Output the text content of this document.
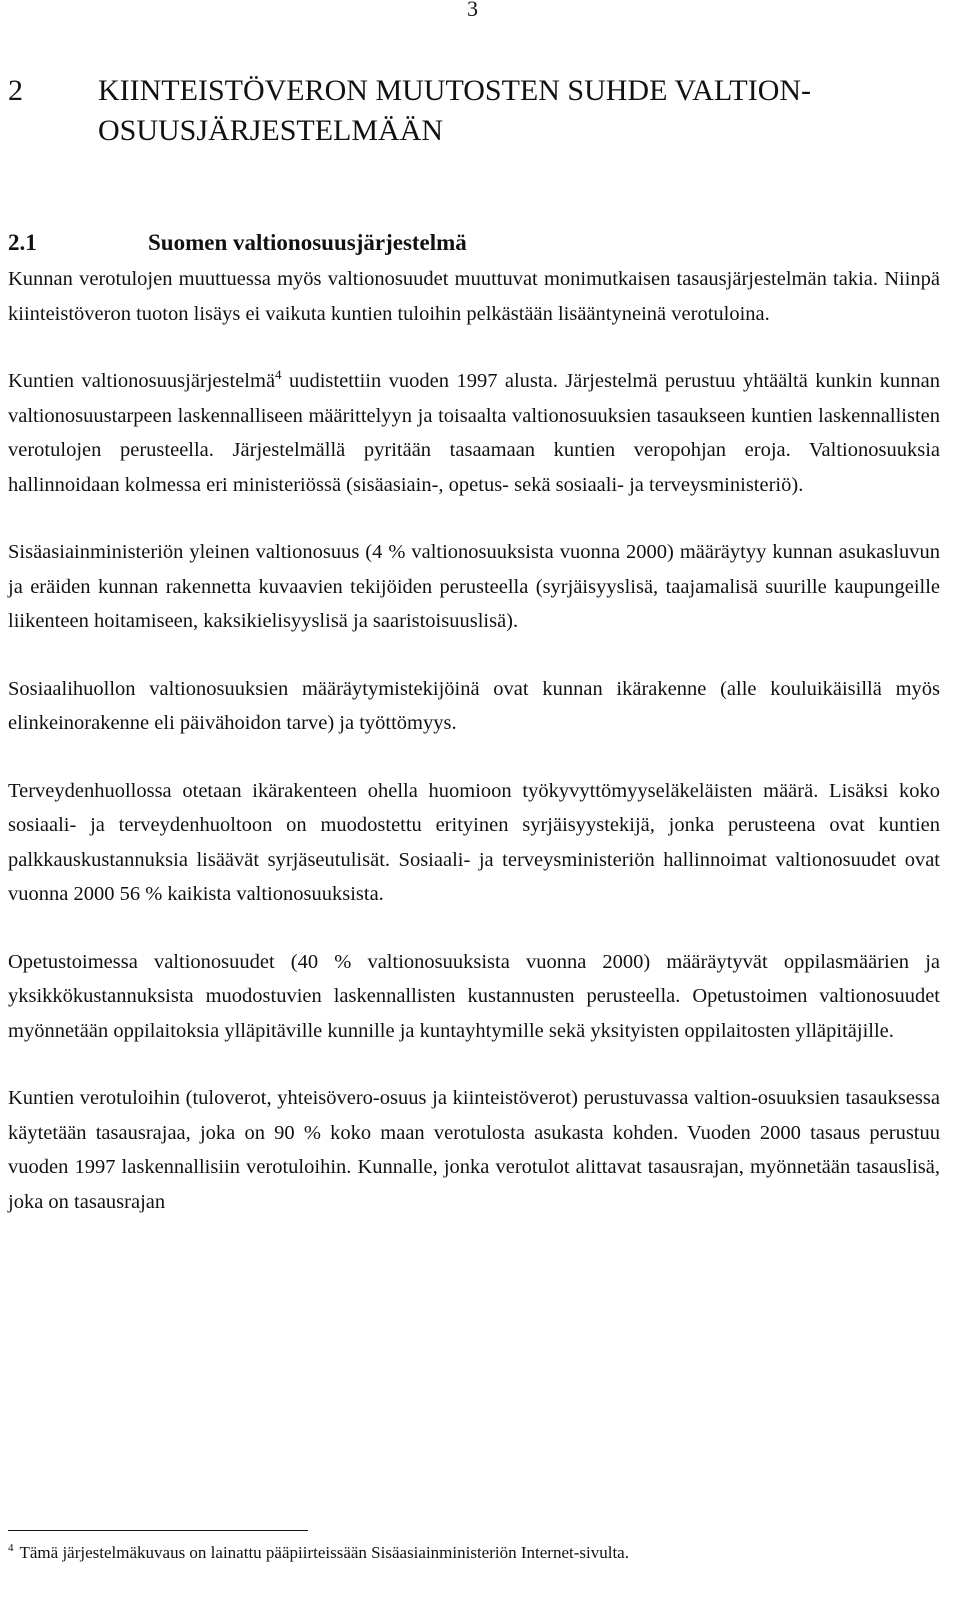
3
2	KIINTEISTÖVERON MUUTOSTEN SUHDE VALTION-OSUUSJÄRJESTELMÄÄN
2.1	Suomen valtionosuusjärjestelmä

Kunnan verotulojen muuttuessa myös valtionosuudet muuttuvat monimutkaisen tasausjärjestelmän takia. Niinpä kiinteistöveron tuoton lisäys ei vaikuta kuntien tuloihin pelkästään lisääntyneinä verotuloina.

Kuntien valtionosuusjärjestelmä$^4$ uudistettiin vuoden 1997 alusta. Järjestelmä perustuu yhtäältä kunkin kunnan valtionosuustarpeen laskennalliseen määrittelyyn ja toisaalta valtionosuuksien tasaukseen kuntien laskennallisten verotulojen perusteella. Järjestelmällä pyritään tasaamaan kuntien veropohjan eroja. Valtionosuuksia hallinnoidaan kolmessa eri ministeriössä (sisäasiain-, opetus- sekä sosiaali- ja terveysministeriö).

Sisäasiainministeriön yleinen valtionosuus (4 % valtionosuuksista vuonna 2000) määräytyy kunnan asukasluvun ja eräiden kunnan rakennetta kuvaavien tekijöiden perusteella (syrjäisyyslisä, taajamalisä suurille kaupungeille liikenteen hoitamiseen, kaksikielisyyslisä ja saaristoisuuslisä).

Sosiaalihuollon valtionosuuksien määräytymistekijöinä ovat kunnan ikärakenne (alle kouluikäisillä myös elinkeinorakenne eli päivähoidon tarve) ja työttömyys.

Terveydenhuollossa otetaan ikärakenteen ohella huomioon työkyvyttömyyseläkeläisten määrä. Lisäksi koko sosiaali- ja terveydenhuoltoon on muodostettu erityinen syrjäisyystekijä, jonka perusteena ovat kuntien palkkauskustannuksia lisäävät syrjäseutulisät. Sosiaali- ja terveysministeriön hallinnoimat valtionosuudet ovat vuonna 2000 56 % kaikista valtionosuuksista.

Opetustoimessa valtionosuudet (40 % valtionosuuksista vuonna 2000) määräytyvät oppilasmäärien ja yksikkökustannuksista muodostuvien laskennallisten kustannusten perusteella. Opetustoimen valtionosuudet myönnetään oppilaitoksia ylläpitäville kunnille ja kuntayhtymille sekä yksityisten oppilaitosten ylläpitäjille.

Kuntien verotuloihin (tuloverot, yhteisövero-osuus ja kiinteistöverot) perustuvassa valtion-osuuksien tasauksessa käytetään tasausrajaa, joka on 90 % koko maan verotulosta asukasta kohden. Vuoden 2000 tasaus perustuu vuoden 1997 laskennallisiin verotuloihin. Kunnalle, jonka verotulot alittavat tasausrajan, myönnetään tasauslisä, joka on tasausrajan

$^4$ Tämä järjestelmäkuvaus on lainattu pääpiirteissään Sisäasiainministeriön Internet-sivulta.
